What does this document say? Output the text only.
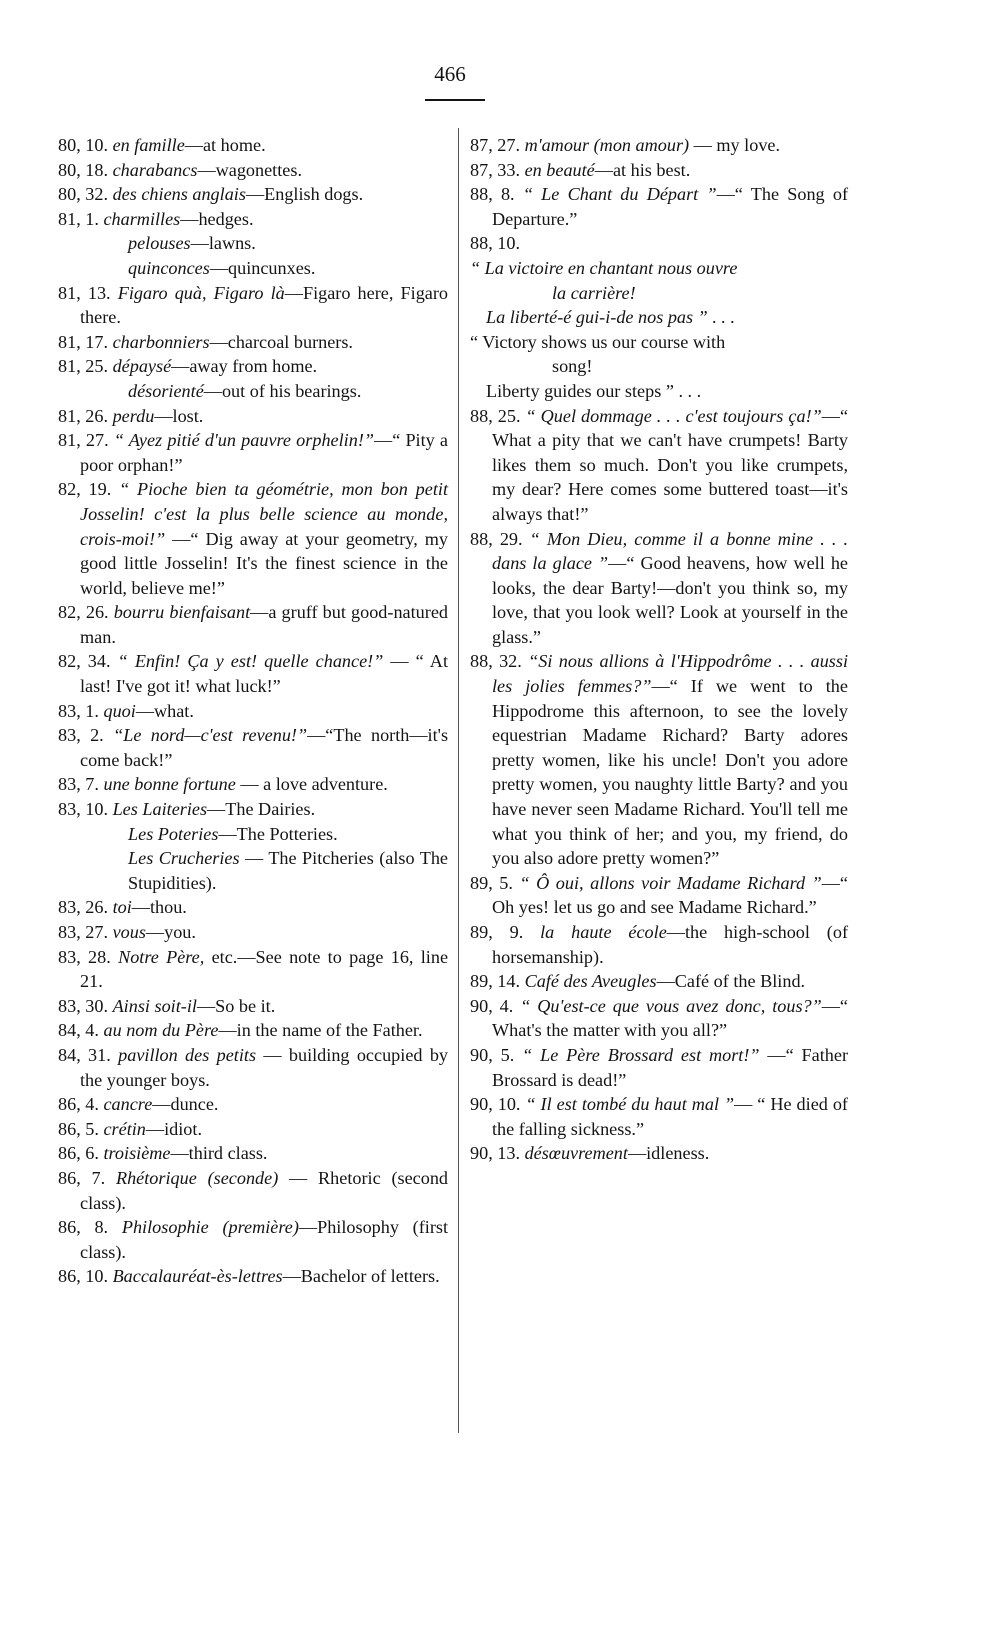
466
80, 10. en famille—at home.
80, 18. charabancs—wagonettes.
80, 32. des chiens anglais—English dogs.
81, 1. charmilles—hedges.
pelouses—lawns.
quinconces—quincunxes.
81, 13. Figaro quà, Figaro là—Figaro here, Figaro there.
81, 17. charbonniers—charcoal burners.
81, 25. dépaysé—away from home.
désorienté—out of his bearings.
81, 26. perdu—lost.
81, 27. “ Ayez pitié d'un pauvre orphelin!”—“ Pity a poor orphan!”
82, 19. “ Pioche bien ta géométrie, mon bon petit Josselin! c'est la plus belle science au monde, crois-moi!” —“ Dig away at your geometry, my good little Josselin! It's the finest science in the world, believe me!”
82, 26. bourru bienfaisant—a gruff but good-natured man.
82, 34. “ Enfin! Ça y est! quelle chance!” — “ At last! I've got it! what luck!”
83, 1. quoi—what.
83, 2. “Le nord—c'est revenu!”—“The north—it's come back!”
83, 7. une bonne fortune — a love adventure.
83, 10. Les Laiteries—The Dairies.
Les Poteries—The Potteries.
Les Crucheries — The Pitcheries (also The Stupidities).
83, 26. toi—thou.
83, 27. vous—you.
83, 28. Notre Père, etc.—See note to page 16, line 21.
83, 30. Ainsi soit-il—So be it.
84, 4. au nom du Père—in the name of the Father.
84, 31. pavillon des petits — building occupied by the younger boys.
86, 4. cancre—dunce.
86, 5. crétin—idiot.
86, 6. troisième—third class.
86, 7. Rhétorique (seconde) — Rhetoric (second class).
86, 8. Philosophie (première)—Philosophy (first class).
86, 10. Baccalauréat-ès-lettres—Bachelor of letters.
87, 27. m'amour (mon amour) — my love.
87, 33. en beauté—at his best.
88, 8. “ Le Chant du Départ ”—“ The Song of Departure.”
88, 10.
“ La victoire en chantant nous ouvre
la carrière!
La liberté-é gui-i-de nos pas ” . . .
“ Victory shows us our course with
song!
Liberty guides our steps ” . . .
88, 25. “ Quel dommage . . . c'est toujours ça!”—“ What a pity that we can't have crumpets! Barty likes them so much. Don't you like crumpets, my dear? Here comes some buttered toast—it's always that!”
88, 29. “ Mon Dieu, comme il a bonne mine . . . dans la glace ”—“ Good heavens, how well he looks, the dear Barty!—don't you think so, my love, that you look well? Look at yourself in the glass.”
88, 32. “Si nous allions à l'Hippodrôme . . . aussi les jolies femmes?”—“ If we went to the Hippodrome this afternoon, to see the lovely equestrian Madame Richard? Barty adores pretty women, like his uncle! Don't you adore pretty women, you naughty little Barty? and you have never seen Madame Richard. You'll tell me what you think of her; and you, my friend, do you also adore pretty women?”
89, 5. “ Ô oui, allons voir Madame Richard ”—“ Oh yes! let us go and see Madame Richard.”
89, 9. la haute école—the high-school (of horsemanship).
89, 14. Café des Aveugles—Café of the Blind.
90, 4. “ Qu'est-ce que vous avez donc, tous?”—“ What's the matter with you all?”
90, 5. “ Le Père Brossard est mort!” —“ Father Brossard is dead!”
90, 10. “ Il est tombé du haut mal ”— “ He died of the falling sickness.”
90, 13. désœuvrement—idleness.
